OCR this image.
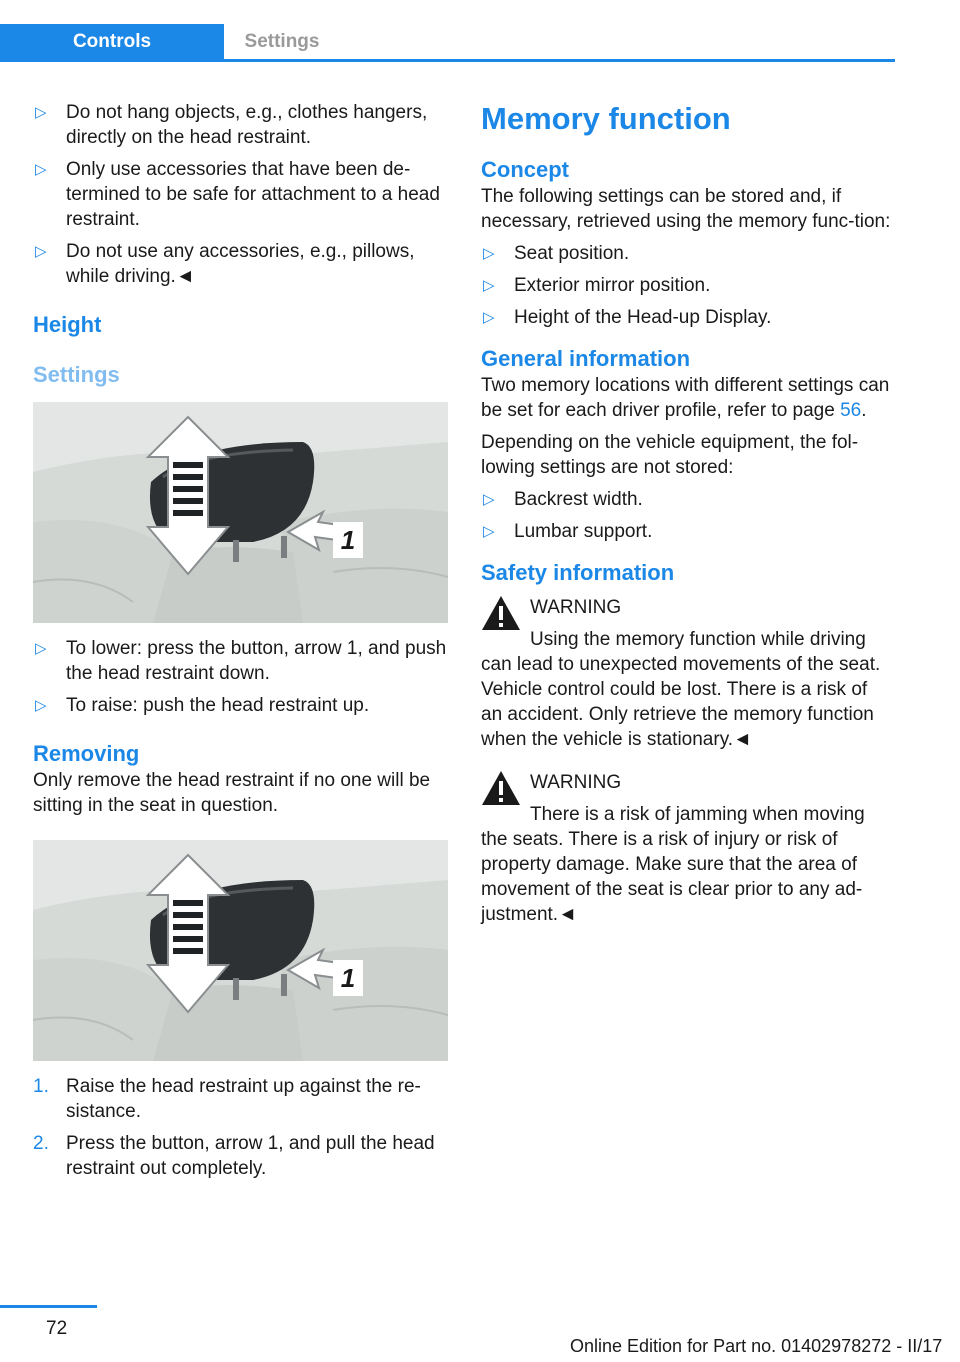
Controls	Settings
▷	Do not hang objects, e.g., clothes hangers, directly on the head restraint.
▷	Only use accessories that have been de-termined to be safe for attachment to a head restraint.
▷	Do not use any accessories, e.g., pillows, while driving.◄
Height
Settings
1
▷	To lower: press the button, arrow 1, and push the head restraint down.
▷	To raise: push the head restraint up.
Removing
Only remove the head restraint if no one will be sitting in the seat in question.
1
1. Raise the head restraint up against the re-sistance.
2. Press the button, arrow 1, and pull the head restraint out completely.
Memory function
Concept
The following settings can be stored and, if necessary, retrieved using the memory func-tion:
▷	Seat position.
▷	Exterior mirror position.
▷	Height of the Head-up Display.
General information
Two memory locations with different settings can be set for each driver profile, refer to page 56.
Depending on the vehicle equipment, the fol-lowing settings are not stored:
▷	Backrest width.
▷	Lumbar support.
Safety information
WARNING
Using the memory function while driving can lead to unexpected movements of the seat. Vehicle control could be lost. There is a risk of an accident. Only retrieve the memory function when the vehicle is stationary.◄
WARNING
There is a risk of jamming when moving the seats. There is a risk of injury or risk of property damage. Make sure that the area of movement of the seat is clear prior to any ad-justment.◄
72
Online Edition for Part no. 01402978272 - II/17
